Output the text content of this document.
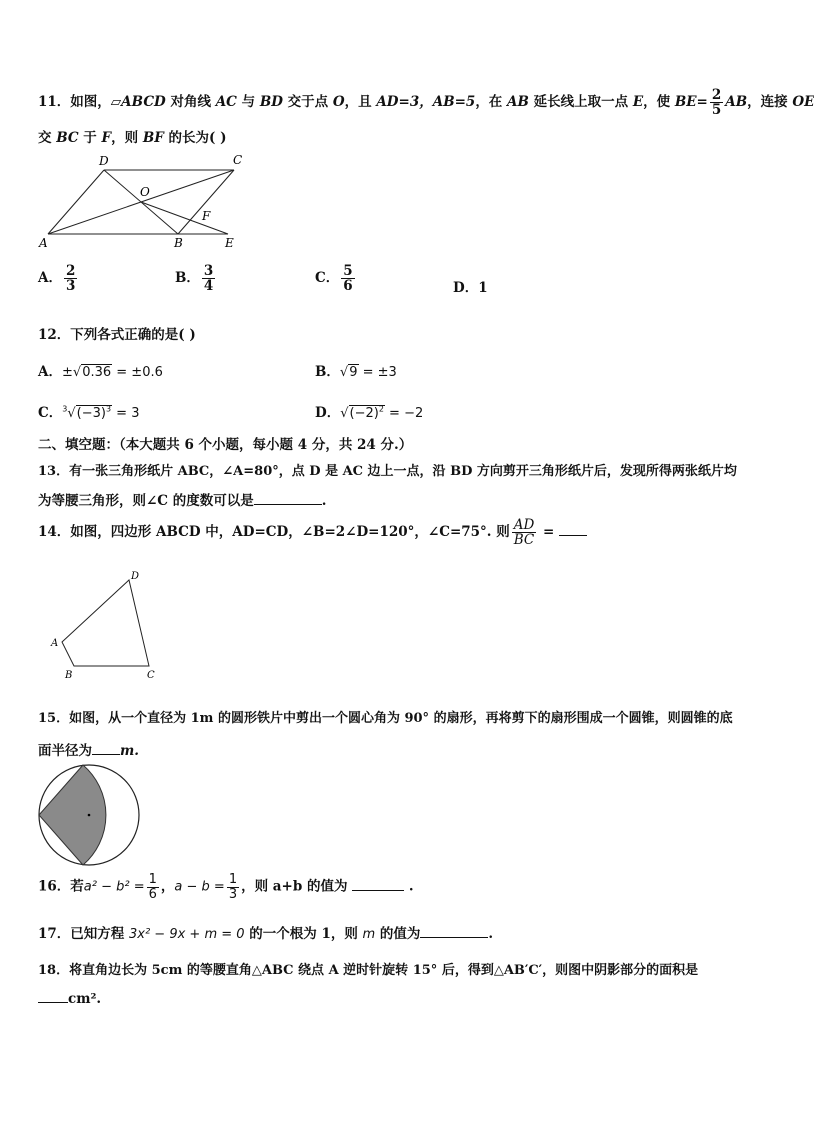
11．如图，▱ABCD 对角线 AC 与 BD 交于点 O，且 AD=3，AB=5，在 AB 延长线上取一点 E，使 $BE= \frac{2}{5}$ AB，连接 OE
交 BC 于 F，则 BF 的长为( )
A	B
C
D
E
F
O
A． $\frac{2}{3}$	B． $\frac{3}{4}$	C． $\frac{5}{6}$	D．1
12．下列各式正确的是( )
A．±√0.36 = ±0.6	B．√9 = ±3
C．$^3√(-3)^3 = 3$	D．$√(-2)^2 = -2$
二、填空题：（本大题共 6 个小题，每小题 4 分，共 24 分.）
13．有一张三角形纸片 ABC，∠A=80°，点 D 是 AC 边上一点，沿 BD 方向剪开三角形纸片后，发现所得两张纸片均
为等腰三角形，则∠C 的度数可以是	.
14．如图，四边形 ABCD 中，AD=CD，∠B=2∠D=120°，∠C=75°. 则 $\frac{AD}{BC}$ =
A
B	C
D
15．如图，从一个直径为 1m 的圆形铁片中剪出一个圆心角为 90° 的扇形，再将剪下的扇形围成一个圆锥，则圆锥的底
面半径为 m.
16．若$a^2 - b^2 = \frac{1}{6}$ ，$a - b = \frac{1}{3}$ ，则 a+b 的值为	.
17．已知方程 3x² − 9x + m = 0 的一个根为 1，则 m 的值为	.
18．将直角边长为 5cm 的等腰直角△ABC 绕点 A 逆时针旋转 15° 后，得到△AB′C′，则图中阴影部分的面积是
cm².
